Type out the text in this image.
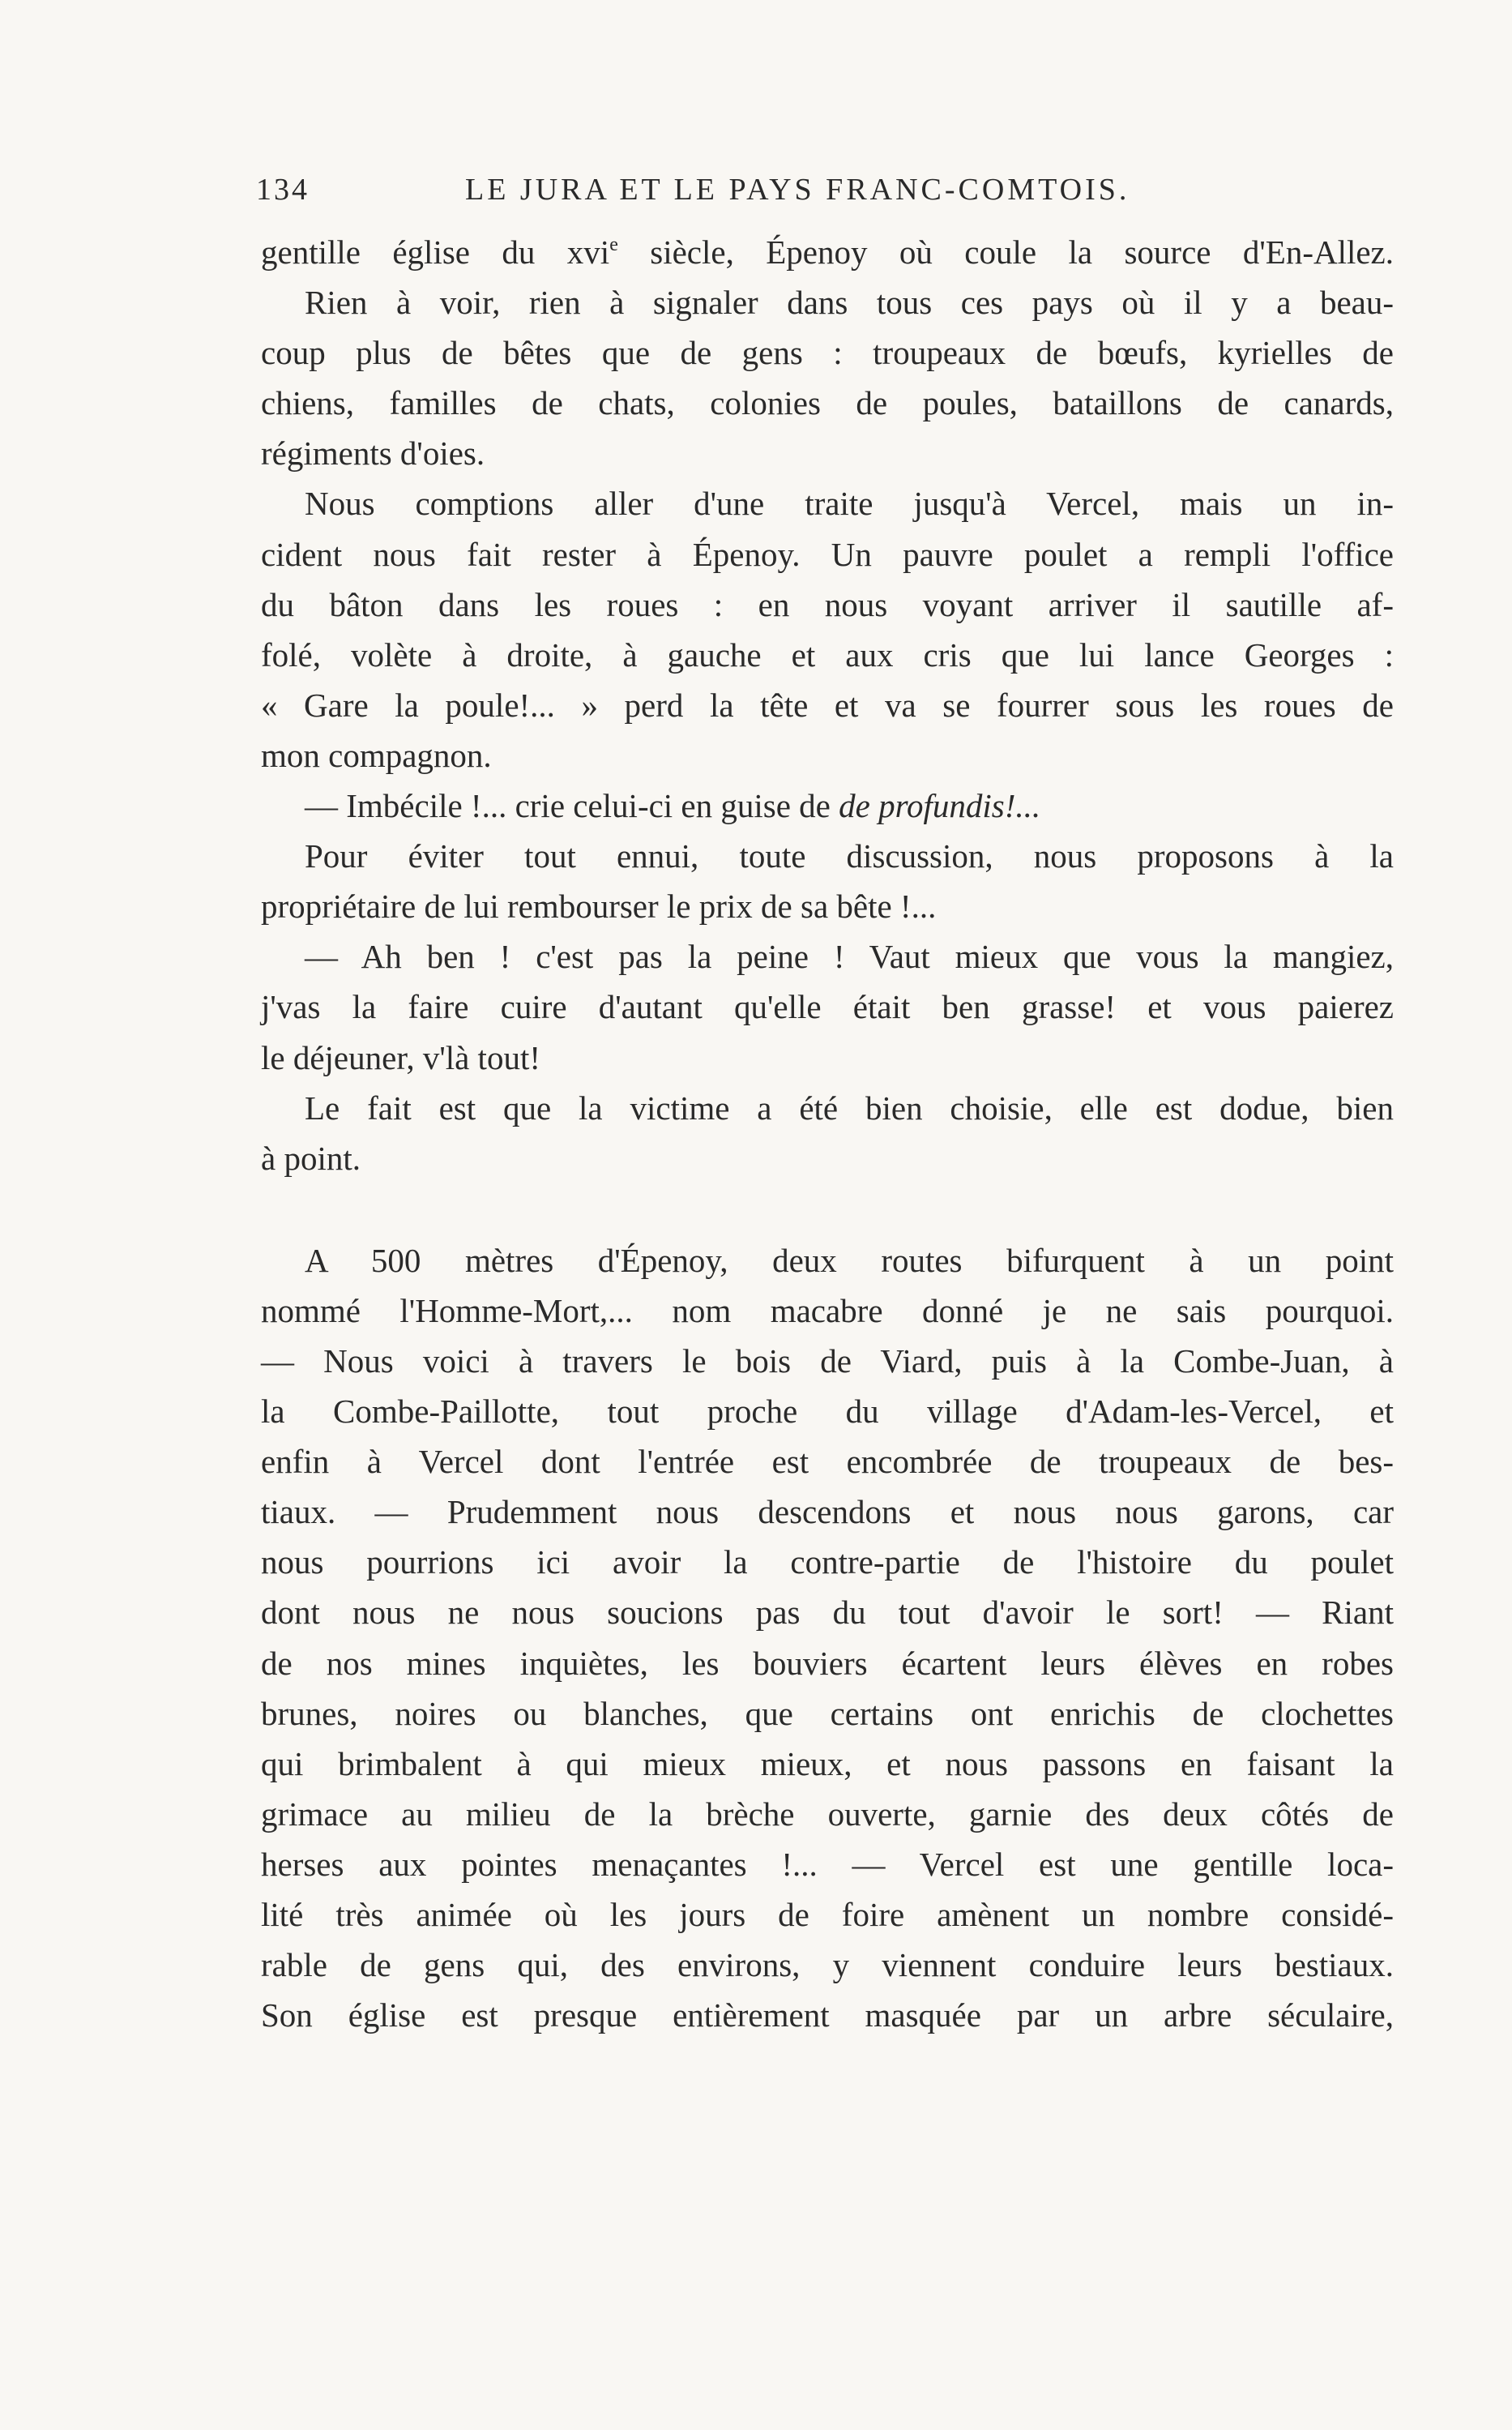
134	LE JURA ET LE PAYS FRANC-COMTOIS.
gentille église du xvi$^e$ siècle, Épenoy où coule la source d'En-Allez.
Rien à voir, rien à signaler dans tous ces pays où il y a beau-
coup plus de bêtes que de gens : troupeaux de bœufs, kyrielles de
chiens, familles de chats, colonies de poules, bataillons de canards,
régiments d'oies.
Nous comptions aller d'une traite jusqu'à Vercel, mais un in-
cident nous fait rester à Épenoy. Un pauvre poulet a rempli l'office
du bâton dans les roues : en nous voyant arriver il sautille af-
folé, volète à droite, à gauche et aux cris que lui lance Georges :
« Gare la poule!... » perd la tête et va se fourrer sous les roues de
mon compagnon.
— Imbécile !... crie celui-ci en guise de de profundis!...
Pour éviter tout ennui, toute discussion, nous proposons à la
propriétaire de lui rembourser le prix de sa bête !...
— Ah ben ! c'est pas la peine ! Vaut mieux que vous la mangiez,
j'vas la faire cuire d'autant qu'elle était ben grasse! et vous paierez
le déjeuner, v'là tout!
Le fait est que la victime a été bien choisie, elle est dodue, bien
à point.
A 500 mètres d'Épenoy, deux routes bifurquent à un point
nommé l'Homme-Mort,... nom macabre donné je ne sais pourquoi.
— Nous voici à travers le bois de Viard, puis à la Combe-Juan, à
la Combe-Paillotte, tout proche du village d'Adam-les-Vercel, et
enfin à Vercel dont l'entrée est encombrée de troupeaux de bes-
tiaux. — Prudemment nous descendons et nous nous garons, car
nous pourrions ici avoir la contre-partie de l'histoire du poulet
dont nous ne nous soucions pas du tout d'avoir le sort! — Riant
de nos mines inquiètes, les bouviers écartent leurs élèves en robes
brunes, noires ou blanches, que certains ont enrichis de clochettes
qui brimbalent à qui mieux mieux, et nous passons en faisant la
grimace au milieu de la brèche ouverte, garnie des deux côtés de
herses aux pointes menaçantes !... — Vercel est une gentille loca-
lité très animée où les jours de foire amènent un nombre considé-
rable de gens qui, des environs, y viennent conduire leurs bestiaux.
Son église est presque entièrement masquée par un arbre séculaire,
